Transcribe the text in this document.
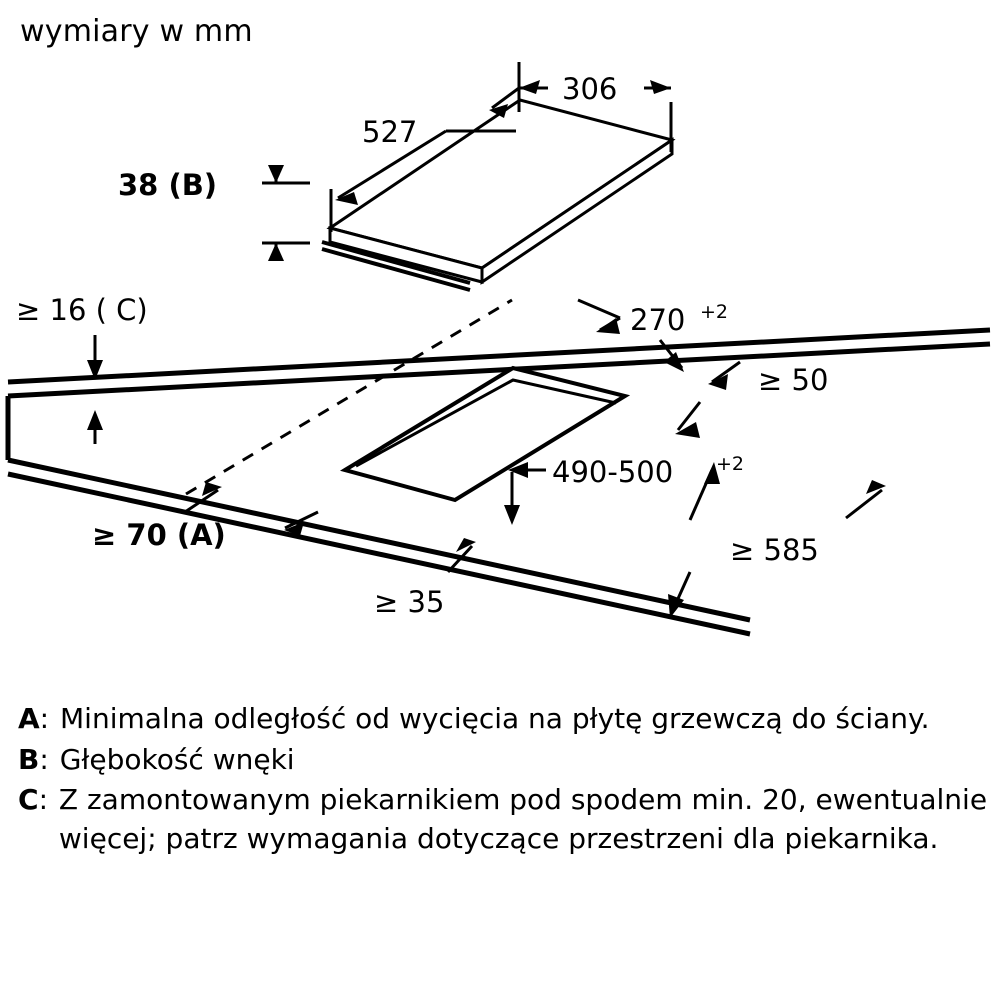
wymiary w mm
306
527
38 (B)
≥ 16 ( C)	270 +2
≥ 50
490-500 +2
≥ 70 (A)
≥ 35
≥ 585
A : Minimalna odległość od wycięcia na płytę grzewczą do ściany.
B : Głębokość wnęki
C : Z zamontowanym piekarnikiem pod spodem min. 20, ewentualnie więcej; patrz wymagania dotyczące przestrzeni dla piekarnika.
